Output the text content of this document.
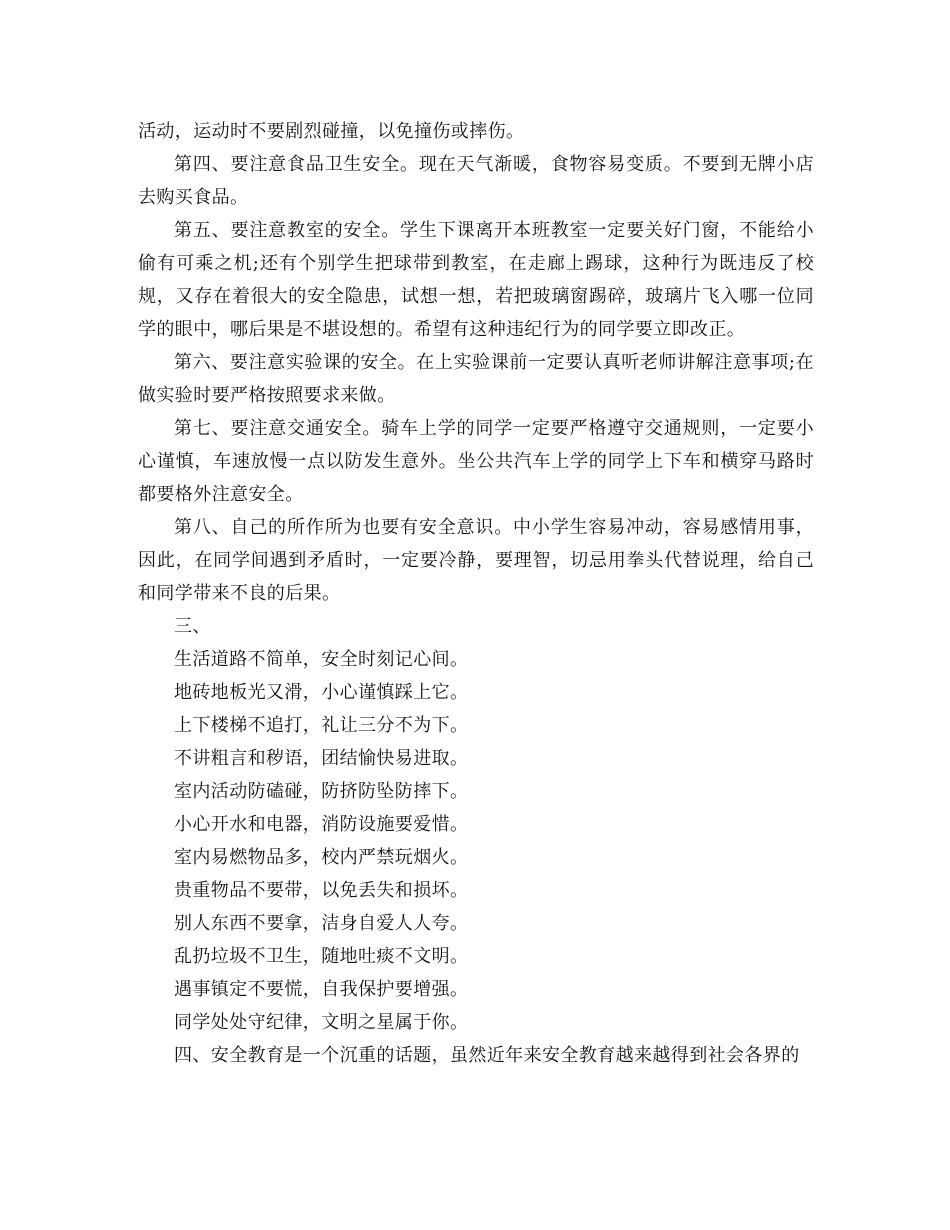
活动，运动时不要剧烈碰撞，以免撞伤或摔伤。

第四、要注意食品卫生安全。现在天气渐暖，食物容易变质。不要到无牌小店去购买食品。

第五、要注意教室的安全。学生下课离开本班教室一定要关好门窗，不能给小偷有可乘之机;还有个别学生把球带到教室，在走廊上踢球，这种行为既违反了校规，又存在着很大的安全隐患，试想一想，若把玻璃窗踢碎，玻璃片飞入哪一位同学的眼中，哪后果是不堪设想的。希望有这种违纪行为的同学要立即改正。

第六、要注意实验课的安全。在上实验课前一定要认真听老师讲解注意事项;在做实验时要严格按照要求来做。

第七、要注意交通安全。骑车上学的同学一定要严格遵守交通规则，一定要小心谨慎，车速放慢一点以防发生意外。坐公共汽车上学的同学上下车和横穿马路时都要格外注意安全。

第八、自己的所作所为也要有安全意识。中小学生容易冲动，容易感情用事，因此，在同学间遇到矛盾时，一定要冷静，要理智，切忌用拳头代替说理，给自己和同学带来不良的后果。

三、

生活道路不简单，安全时刻记心间。

地砖地板光又滑，小心谨慎踩上它。

上下楼梯不追打，礼让三分不为下。

不讲粗言和秽语，团结愉快易进取。

室内活动防磕碰，防挤防坠防摔下。

小心开水和电器，消防设施要爱惜。

室内易燃物品多，校内严禁玩烟火。

贵重物品不要带，以免丢失和损坏。

别人东西不要拿，洁身自爱人人夸。

乱扔垃圾不卫生，随地吐痰不文明。

遇事镇定不要慌，自我保护要增强。

同学处处守纪律，文明之星属于你。

四、安全教育是一个沉重的话题，虽然近年来安全教育越来越得到社会各界的
